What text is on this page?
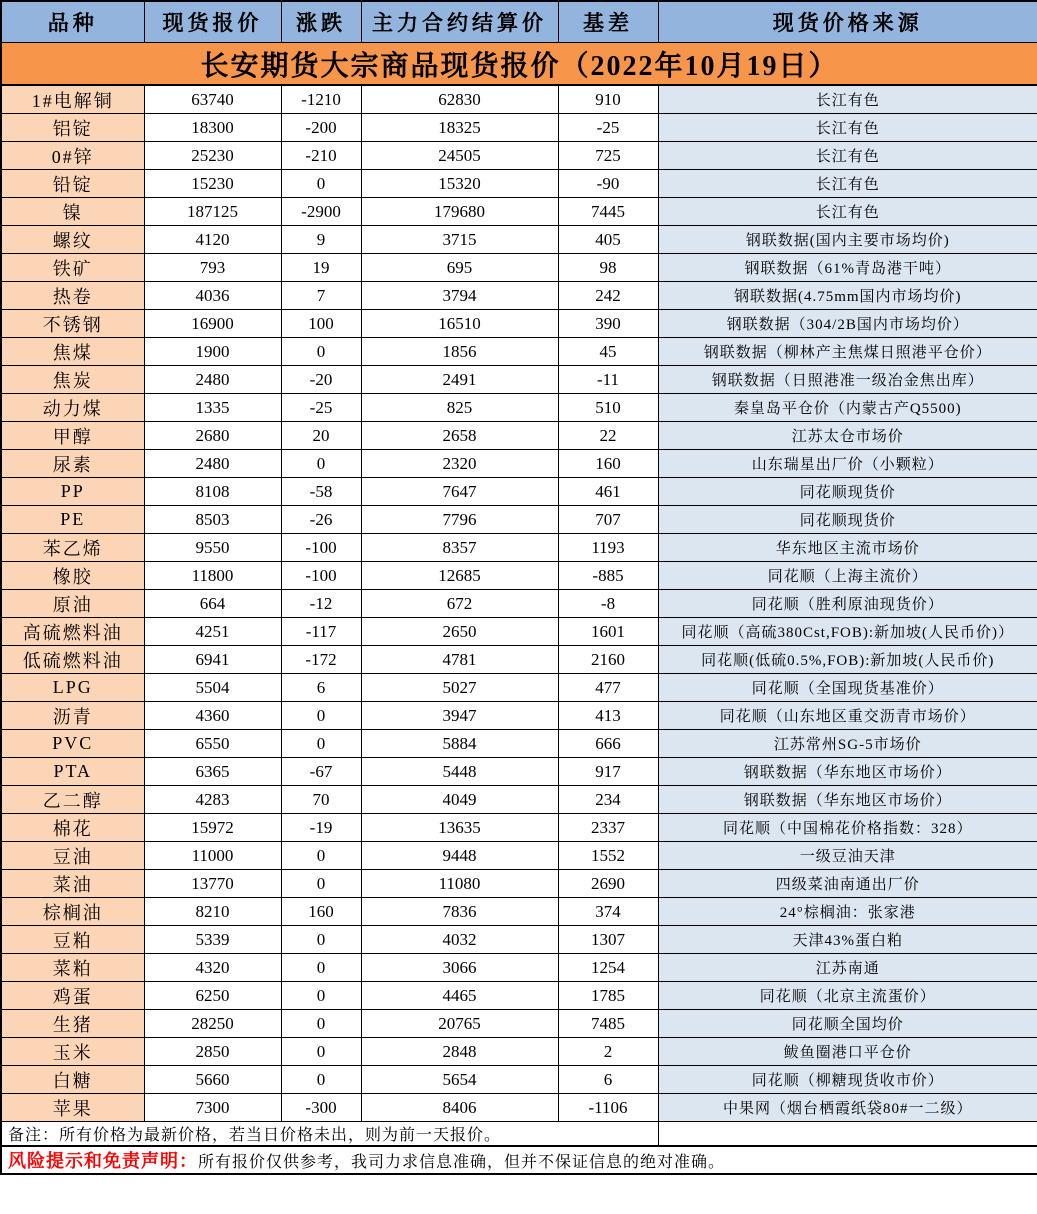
长安期货大宗商品现货报价（2022年10月19日）					
品种	现货报价	涨跌	主力合约结算价	基差	现货价格来源
1#电解铜	63740	-1210	62830	910	长江有色
铝锭	18300	-200	18325	-25	长江有色
0#锌	25230	-210	24505	725	长江有色
铅锭	15230	0	15320	-90	长江有色
镍	187125	-2900	179680	7445	长江有色
螺纹	4120	9	3715	405	钢联数据(国内主要市场均价)
铁矿	793	19	695	98	钢联数据（61%青岛港干吨）
热卷	4036	7	3794	242	钢联数据(4.75mm国内市场均价)
不锈钢	16900	100	16510	390	钢联数据（304/2B国内市场均价）
焦煤	1900	0	1856	45	钢联数据（柳林产主焦煤日照港平仓价）
焦炭	2480	-20	2491	-11	钢联数据（日照港准一级冶金焦出库）
动力煤	1335	-25	825	510	秦皇岛平仓价（内蒙古产Q5500)
甲醇	2680	20	2658	22	江苏太仓市场价
尿素	2480	0	2320	160	山东瑞星出厂价（小颗粒）
PP	8108	-58	7647	461	同花顺现货价
PE	8503	-26	7796	707	同花顺现货价
苯乙烯	9550	-100	8357	1193	华东地区主流市场价
橡胶	11800	-100	12685	-885	同花顺（上海主流价）
原油	664	-12	672	-8	同花顺（胜利原油现货价）
高硫燃料油	4251	-117	2650	1601	同花顺（高硫380Cst,FOB):新加坡(人民币价)）
低硫燃料油	6941	-172	4781	2160	同花顺(低硫0.5%,FOB):新加坡(人民币价)
LPG	5504	6	5027	477	同花顺（全国现货基准价）
沥青	4360	0	3947	413	同花顺（山东地区重交沥青市场价）
PVC	6550	0	5884	666	江苏常州SG-5市场价
PTA	6365	-67	5448	917	钢联数据（华东地区市场价）
乙二醇	4283	70	4049	234	钢联数据（华东地区市场价）
棉花	15972	-19	13635	2337	同花顺（中国棉花价格指数：328）
豆油	11000	0	9448	1552	一级豆油天津
菜油	13770	0	11080	2690	四级菜油南通出厂价
棕榈油	8210	160	7836	374	24°棕榈油：张家港
豆粕	5339	0	4032	1307	天津43%蛋白粕
菜粕	4320	0	3066	1254	江苏南通
鸡蛋	6250	0	4465	1785	同花顺（北京主流蛋价）
生猪	28250	0	20765	7485	同花顺全国均价
玉米	2850	0	2848	2	鲅鱼圈港口平仓价
白糖	5660	0	5654	6	同花顺（柳糖现货收市价）
苹果	7300	-300	8406	-1106	中果网（烟台栖霞纸袋80#一二级）
备注：所有价格为最新价格，若当日价格未出，则为前一天报价。					
风险提示和免责声明：所有报价仅供参考，我司力求信息准确，但并不保证信息的绝对准确。					
